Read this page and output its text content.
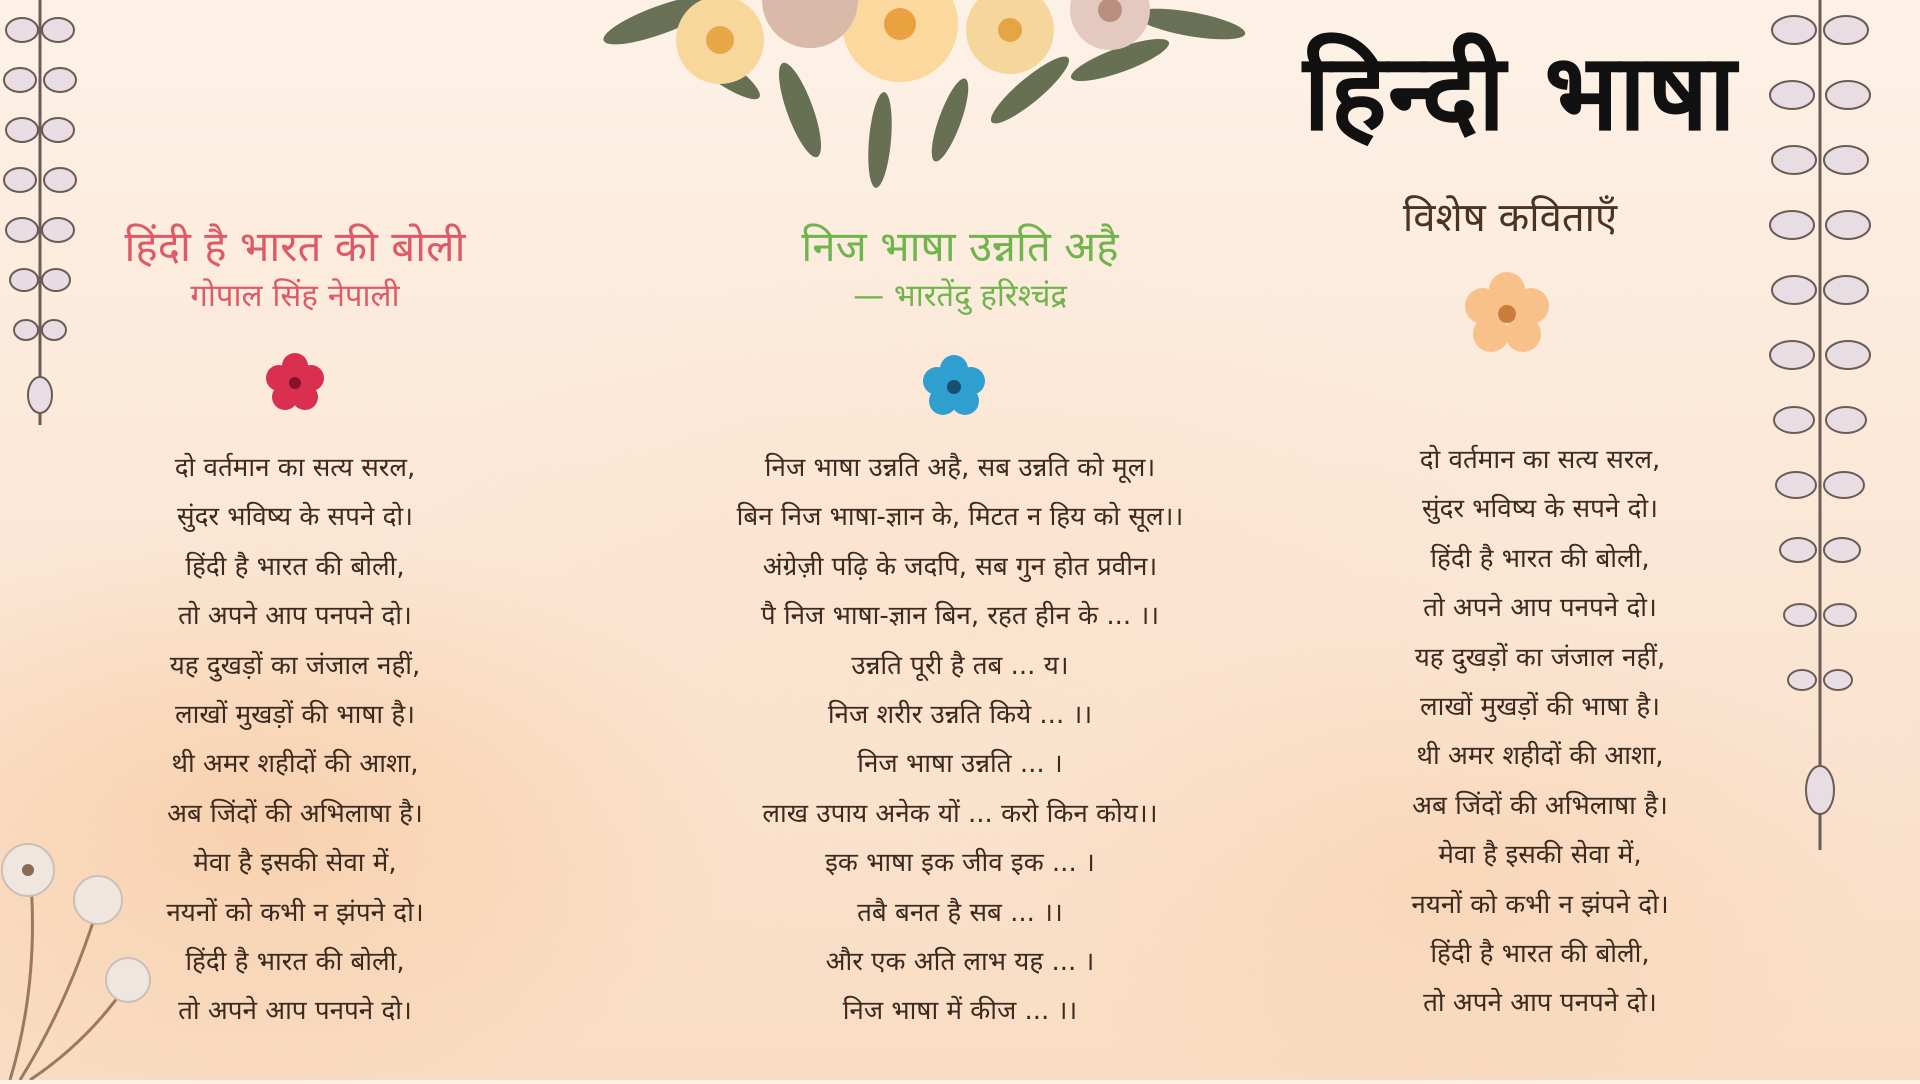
हिन्दी भाषा
विशेष कविताएँ
हिंदी है भारत की बोली
गोपाल सिंह नेपाली
दो वर्तमान का सत्य सरल,
सुंदर भविष्य के सपने दो।
हिंदी है भारत की बोली,
तो अपने आप पनपने दो।
यह दुखड़ों का जंजाल नहीं,
लाखों मुखड़ों की भाषा है।
थी अमर शहीदों की आशा,
अब जिंदों की अभिलाषा है।
मेवा है इसकी सेवा में,
नयनों को कभी न झंपने दो।
हिंदी है भारत की बोली,
तो अपने आप पनपने दो।
निज भाषा उन्नति अहै
— भारतेंदु हरिश्चंद्र
निज भाषा उन्नति अहै, सब उन्नति को मूल।
बिन निज भाषा-ज्ञान के, मिटत न हिय को सूल।।
अंग्रेज़ी पढ़ि के जदपि, सब गुन होत प्रवीन।
पै निज भाषा-ज्ञान बिन, रहत हीन के ... ।।
उन्नति पूरी है तब ... य।
निज शरीर उन्नति किये ... ।।
निज भाषा उन्नति ... ।
लाख उपाय अनेक यों ... करो किन कोय।।
इक भाषा इक जीव इक ... ।
तबै बनत है सब ... ।।
और एक अति लाभ यह ... ।
निज भाषा में कीज ... ।।
दो वर्तमान का सत्य सरल,
सुंदर भविष्य के सपने दो।
हिंदी है भारत की बोली,
तो अपने आप पनपने दो।
यह दुखड़ों का जंजाल नहीं,
लाखों मुखड़ों की भाषा है।
थी अमर शहीदों की आशा,
अब जिंदों की अभिलाषा है।
मेवा है इसकी सेवा में,
नयनों को कभी न झंपने दो।
हिंदी है भारत की बोली,
तो अपने आप पनपने दो।
